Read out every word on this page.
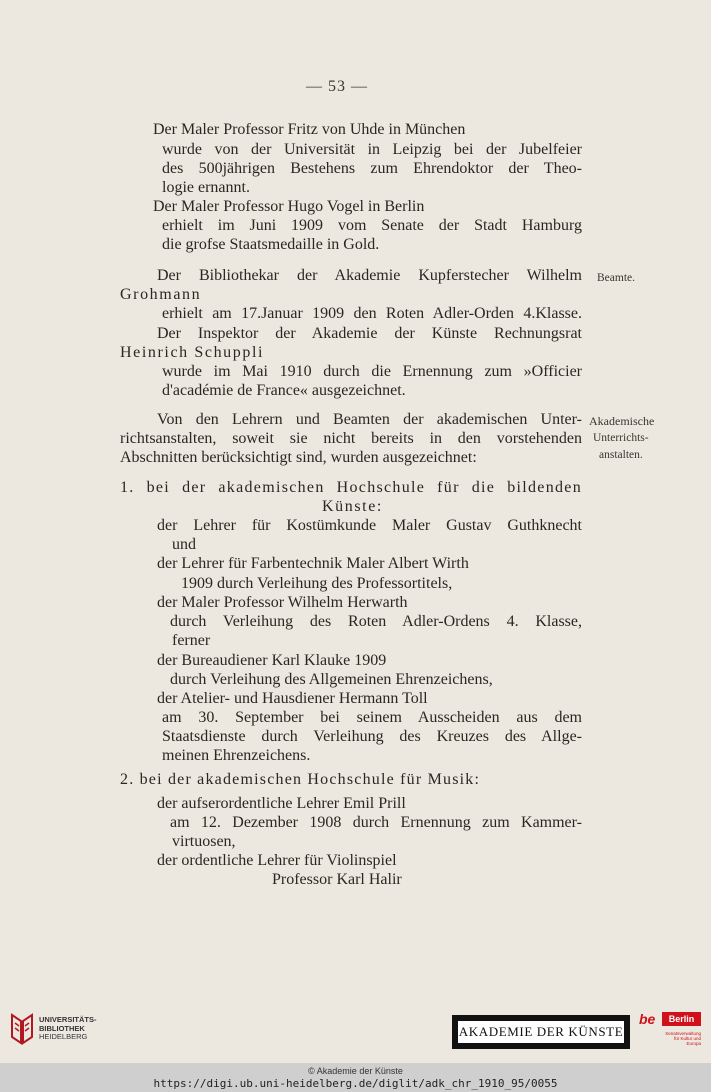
— 53 —
Der Maler Professor Fritz von Uhde in München
wurde von der Universität in Leipzig bei der Jubelfeier
des 500jährigen Bestehens zum Ehrendoktor der Theo-
logie ernannt.
Der Maler Professor Hugo Vogel in Berlin
erhielt im Juni 1909 vom Senate der Stadt Hamburg
die grofse Staatsmedaille in Gold.
Der Bibliothekar der Akademie Kupferstecher Wilhelm
Grohmann
erhielt am 17.Januar 1909 den Roten Adler-Orden 4.Klasse.
Der Inspektor der Akademie der Künste Rechnungsrat
Heinrich Schuppli
wurde im Mai 1910 durch die Ernennung zum »Officier
d'académie de France« ausgezeichnet.
Von den Lehrern und Beamten der akademischen Unter-
richtsanstalten, soweit sie nicht bereits in den vorstehenden
Abschnitten berücksichtigt sind, wurden ausgezeichnet:
1. bei der akademischen Hochschule für die bildenden
Künste:
der Lehrer für Kostümkunde Maler Gustav Guthknecht
und
der Lehrer für Farbentechnik Maler Albert Wirth
1909 durch Verleihung des Professortitels,
der Maler Professor Wilhelm Herwarth
durch Verleihung des Roten Adler-Ordens 4. Klasse,
ferner
der Bureaudiener Karl Klauke 1909
durch Verleihung des Allgemeinen Ehrenzeichens,
der Atelier- und Hausdiener Hermann Toll
am 30. September bei seinem Ausscheiden aus dem
Staatsdienste durch Verleihung des Kreuzes des Allge-
meinen Ehrenzeichens.
2. bei der akademischen Hochschule für Musik:
der aufserordentliche Lehrer Emil Prill
am 12. Dezember 1908 durch Ernennung zum Kammer-
virtuosen,
der ordentliche Lehrer für Violinspiel
Professor Karl Halir
Beamte.
Akademische
Unterrichts-
anstalten.
UNIVERSITÄTS-
BIBLIOTHEK
HEIDELBERG	AKADEMIE DER KÜNSTE
be	Berlin
Senatsverwaltung für Kultur und Europa
© Akademie der Künste
https://digi.ub.uni-heidelberg.de/diglit/adk_chr_1910_95/0055
